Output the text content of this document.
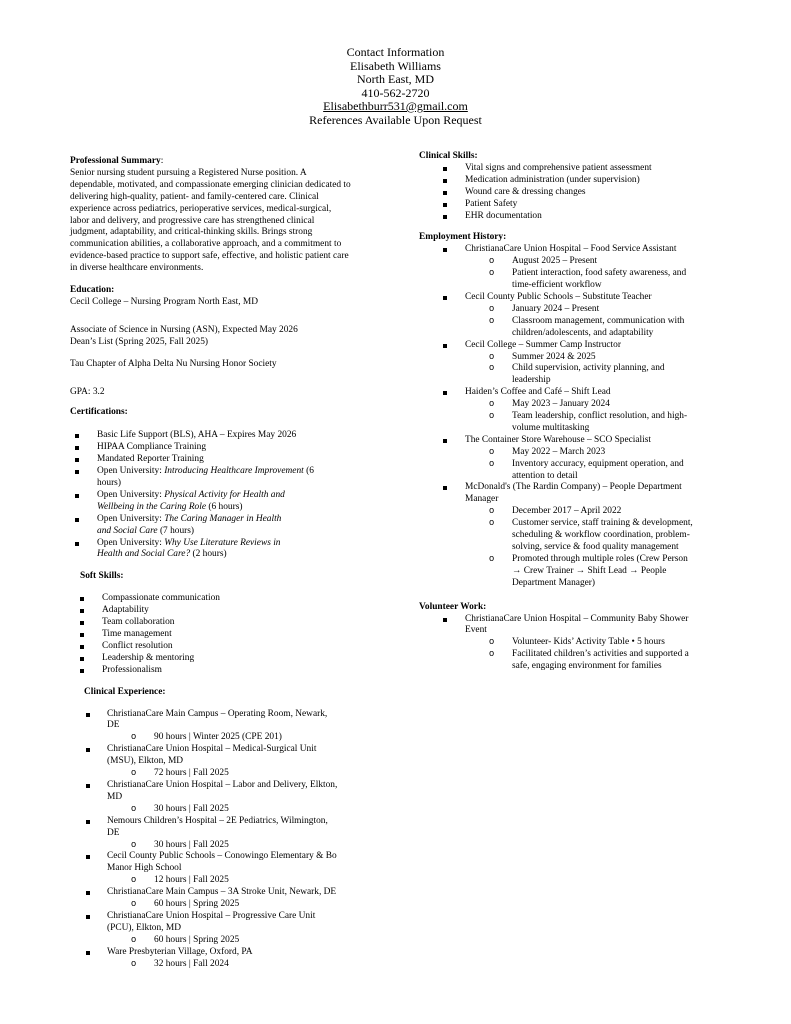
Contact Information
Elisabeth Williams
North East, MD
410-562-2720
Elisabethburr531@gmail.com
References Available Upon Request

Professional Summary:

Senior nursing student pursuing a Registered Nurse position. A dependable, motivated, and compassionate emerging clinician dedicated to delivering high-quality, patient- and family-centered care. Clinical experience across pediatrics, perioperative services, medical-surgical, labor and delivery, and progressive care has strengthened clinical judgment, adaptability, and critical-thinking skills. Brings strong communication abilities, a collaborative approach, and a commitment to evidence-based practice to support safe, effective, and holistic patient care in diverse healthcare environments.

Education:

Cecil College – Nursing Program North East, MD

Associate of Science in Nursing (ASN), Expected May 2026

Dean’s List (Spring 2025, Fall 2025)

Tau Chapter of Alpha Delta Nu Nursing Honor Society

GPA: 3.2

Certifications:

Basic Life Support (BLS), AHA – Expires May 2026
HIPAA Compliance Training
Mandated Reporter Training
Open University: Introducing Healthcare Improvement (6 hours)
Open University: Physical Activity for Health and Wellbeing in the Caring Role (6 hours)
Open University: The Caring Manager in Health and Social Care (7 hours)
Open University: Why Use Literature Reviews in Health and Social Care? (2 hours)

Soft Skills:

Compassionate communication
Adaptability
Team collaboration
Time management
Conflict resolution
Leadership & mentoring
Professionalism

Clinical Experience:

ChristianaCare Main Campus – Operating Room, Newark, DE
o 90 hours | Winter 2025 (CPE 201)
ChristianaCare Union Hospital – Medical-Surgical Unit (MSU), Elkton, MD
o 72 hours | Fall 2025
ChristianaCare Union Hospital – Labor and Delivery, Elkton, MD
o 30 hours | Fall 2025
Nemours Children’s Hospital – 2E Pediatrics, Wilmington, DE
o 30 hours | Fall 2025
Cecil County Public Schools – Conowingo Elementary & Bo Manor High School
o 12 hours | Fall 2025
ChristianaCare Main Campus – 3A Stroke Unit, Newark, DE
o 60 hours | Spring 2025
ChristianaCare Union Hospital – Progressive Care Unit (PCU), Elkton, MD
o 60 hours | Spring 2025
Ware Presbyterian Village, Oxford, PA
o 32 hours | Fall 2024

Clinical Skills:

Vital signs and comprehensive patient assessment
Medication administration (under supervision)
Wound care & dressing changes
Patient Safety
EHR documentation

Employment History:

ChristianaCare Union Hospital – Food Service Assistant
o August 2025 – Present
o Patient interaction, food safety awareness, and time-efficient workflow
Cecil County Public Schools – Substitute Teacher
o January 2024 – Present
o Classroom management, communication with children/adolescents, and adaptability
Cecil College – Summer Camp Instructor
o Summer 2024 & 2025
o Child supervision, activity planning, and leadership
Haiden’s Coffee and Café – Shift Lead
o May 2023 – January 2024
o Team leadership, conflict resolution, and high-volume multitasking
The Container Store Warehouse – SCO Specialist
o May 2022 – March 2023
o Inventory accuracy, equipment operation, and attention to detail
McDonald's (The Rardin Company) – People Department Manager
o December 2017 – April 2022
o Customer service, staff training & development, scheduling & workflow coordination, problem-solving, service & food quality management
o Promoted through multiple roles (Crew Person → Crew Trainer → Shift Lead → People Department Manager)

Volunteer Work:

ChristianaCare Union Hospital – Community Baby Shower Event
o Volunteer- Kids’ Activity Table • 5 hours
o Facilitated children’s activities and supported a safe, engaging environment for families
